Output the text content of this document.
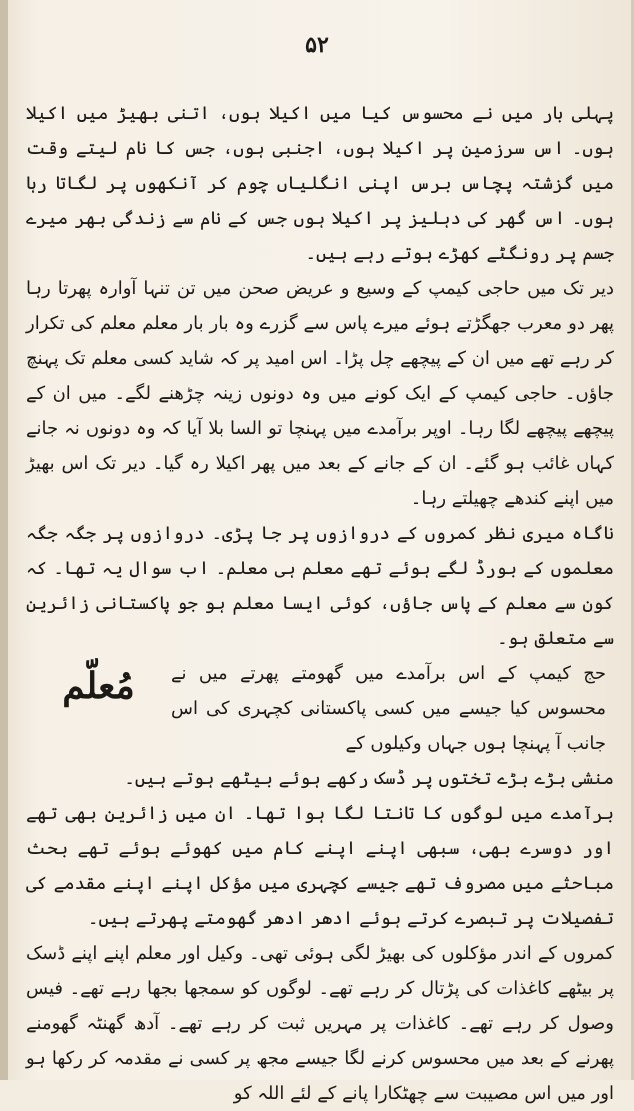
۵۲

پہلی بار میں نے محسوس کیا میں اکیلا ہوں، اتنی بھیڑ میں اکیلا ہوں۔ اس سرزمین پر اکیلا ہوں، اجنبی ہوں، جس کا نام لیتے وقت میں گزشتہ پچاس برس اپنی انگلیاں چوم کر آنکھوں پر لگاتا رہا ہوں۔ اس گھر کی دہلیز پر اکیلا ہوں جس کے نام سے زندگی بھر میرے جسم پر رونگٹے کھڑے ہوتے رہے ہیں۔

دیر تک میں حاجی کیمپ کے وسیع و عریض صحن میں تن تنہا آوارہ پھرتا رہا پھر دو معرب جھگڑتے ہوئے میرے پاس سے گزرے وہ بار بار معلم معلم کی تکرار کر رہے تھے میں ان کے پیچھے چل پڑا۔ اس امید پر کہ شاید کسی معلم تک پہنچ جاؤں۔ حاجی کیمپ کے ایک کونے میں وہ دونوں زینہ چڑھنے لگے۔ میں ان کے پیچھے پیچھے لگا رہا۔ اوپر برآمدے میں پہنچا تو السا بلا آیا کہ وہ دونوں نہ جانے کہاں غائب ہو گئے۔ ان کے جانے کے بعد میں پھر اکیلا رہ گیا۔ دیر تک اس بھیڑ میں اپنے کندھے چھیلتے رہا۔

ناگاہ میری نظر کمروں کے دروازوں پر جا پڑی۔ دروازوں پر جگہ جگہ معلموں کے بورڈ لگے ہوئے تھے معلم ہی معلم۔ اب سوال یہ تھا۔ کہ کون سے معلم کے پاس جاؤں، کوئی ایسا معلم ہو جو پاکستانی زائرین سے متعلق ہو۔

حج کیمپ کے اس برآمدے میں گھومتے پھرتے میں نے محسوس کیا جیسے میں کسی پاکستانی کچہری کی اس جانب آ پہنچا ہوں جہاں وکیلوں کے

مُعلّم

منشی بڑے بڑے تختوں پر ڈسک رکھے ہوئے بیٹھے ہوتے ہیں۔

برآمدے میں لوگوں کا تانتا لگا ہوا تھا۔ ان میں زائرین بھی تھے اور دوسرے بھی، سبھی اپنے اپنے کام میں کھوئے ہوئے تھے بحث مباحثے میں مصروف تھے جیسے کچہری میں مؤکل اپنے اپنے مقدمے کی تفصیلات پر تبصرے کرتے ہوئے ادھر ادھر گھومتے پھرتے ہیں۔

کمروں کے اندر مؤکلوں کی بھیڑ لگی ہوئی تھی۔ وکیل اور معلم اپنے اپنے ڈسک پر بیٹھے کاغذات کی پڑتال کر رہے تھے۔ لوگوں کو سمجھا بجھا رہے تھے۔ فیس وصول کر رہے تھے۔ کاغذات پر مہریں ثبت کر رہے تھے۔ آدھ گھنٹہ گھومنے پھرنے کے بعد میں محسوس کرنے لگا جیسے مجھ پر کسی نے مقدمہ کر رکھا ہو اور میں اس مصیبت سے چھٹکارا پانے کے لئے اللہ کو
